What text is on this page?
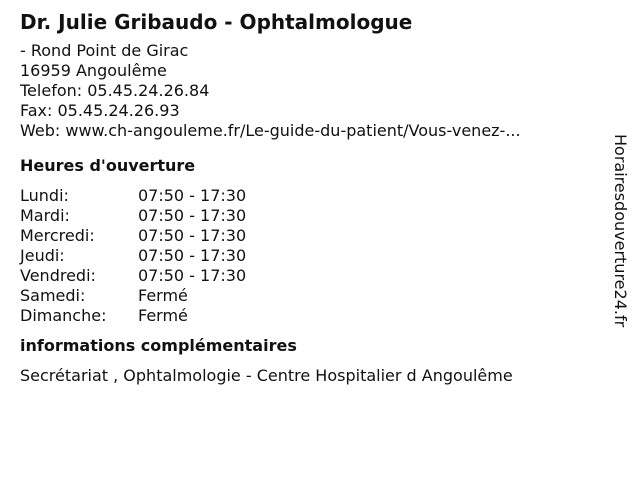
Dr. Julie Gribaudo - Ophtalmologue
- Rond Point de Girac
16959 Angoulême
Telefon: 05.45.24.26.84
Fax: 05.45.24.26.93
Web: www.ch-angouleme.fr/Le-guide-du-patient/Vous-venez-...
Heures d'ouverture
Lundi:	07:50 - 17:30
Mardi:	07:50 - 17:30
Mercredi:	07:50 - 17:30
Jeudi:	07:50 - 17:30
Vendredi:	07:50 - 17:30
Samedi:	Fermé
Dimanche:	Fermé
informations complémentaires
Secrétariat , Ophtalmologie - Centre Hospitalier d Angoulême
Horairesdouverture24.fr
